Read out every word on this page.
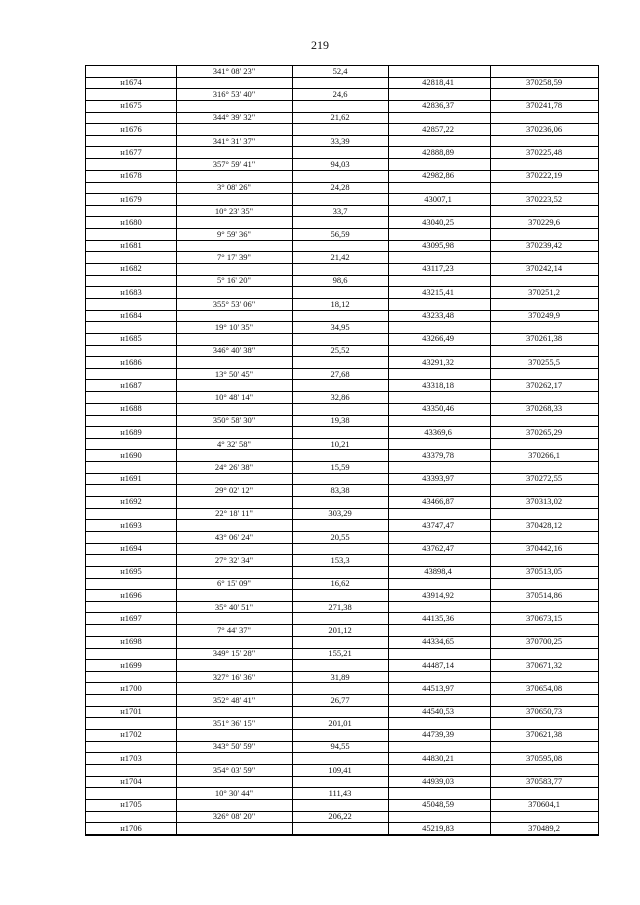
219
341° 08' 23"	52,4
н1674	42818,41	370258,59
316° 53' 40"	24,6
н1675	42836,37	370241,78
344° 39' 32"	21,62
н1676	42857,22	370236,06
341° 31' 37"	33,39
н1677	42888,89	370225,48
357° 59' 41"	94,03
н1678	42982,86	370222,19
3° 08' 26"	24,28
н1679	43007,1	370223,52
10° 23' 35"	33,7
н1680	43040,25	370229,6
9° 59' 36"	56,59
н1681	43095,98	370239,42
7° 17' 39"	21,42
н1682	43117,23	370242,14
5° 16' 20"	98,6
н1683	43215,41	370251,2
355° 53' 06"	18,12
н1684	43233,48	370249,9
19° 10' 35"	34,95
н1685	43266,49	370261,38
346° 40' 38"	25,52
н1686	43291,32	370255,5
13° 50' 45"	27,68
н1687	43318,18	370262,17
10° 48' 14"	32,86
н1688	43350,46	370268,33
350° 58' 30"	19,38
н1689	43369,6	370265,29
4° 32' 58"	10,21
н1690	43379,78	370266,1
24° 26' 38"	15,59
н1691	43393,97	370272,55
29° 02' 12"	83,38
н1692	43466,87	370313,02
22° 18' 11"	303,29
н1693	43747,47	370428,12
43° 06' 24"	20,55
н1694	43762,47	370442,16
27° 32' 34"	153,3
н1695	43898,4	370513,05
6° 15' 09"	16,62
н1696	43914,92	370514,86
35° 40' 51"	271,38
н1697	44135,36	370673,15
7° 44' 37"	201,12
н1698	44334,65	370700,25
349° 15' 28"	155,21
н1699	44487,14	370671,32
327° 16' 36"	31,89
н1700	44513,97	370654,08
352° 48' 41"	26,77
н1701	44540,53	370650,73
351° 36' 15"	201,01
н1702	44739,39	370621,38
343° 50' 59"	94,55
н1703	44830,21	370595,08
354° 03' 59"	109,41
н1704	44939,03	370583,77
10° 30' 44"	111,43
н1705	45048,59	370604,1
326° 08' 20"	206,22
н1706	45219,83	370489,2
